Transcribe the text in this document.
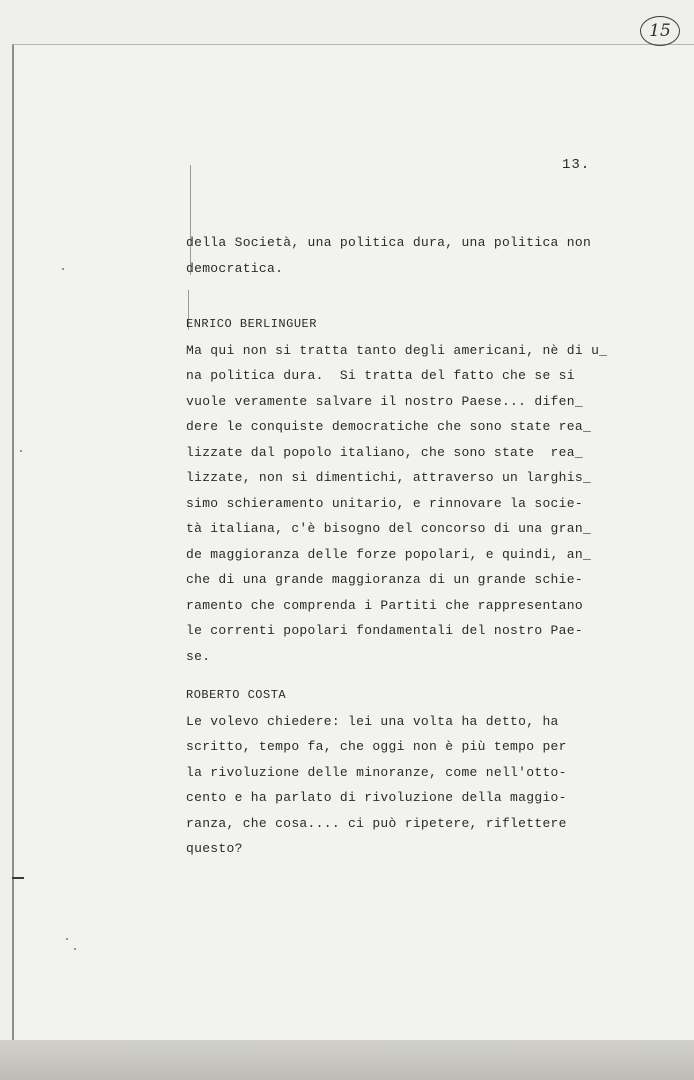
15
13.
della Società, una politica dura, una politica non
democratica.
ENRICO BERLINGUER
Ma qui non si tratta tanto degli americani, nè di u_
na politica dura.  Si tratta del fatto che se si
vuole veramente salvare il nostro Paese... difen_
dere le conquiste democratiche che sono state rea_
lizzate dal popolo italiano, che sono state  rea_
lizzate, non si dimentichi, attraverso un larghis_
simo schieramento unitario, e rinnovare la socie-
tà italiana, c'è bisogno del concorso di una gran_
de maggioranza delle forze popolari, e quindi, an_
che di una grande maggioranza di un grande schie-
ramento che comprenda i Partiti che rappresentano
le correnti popolari fondamentali del nostro Pae-
se.
ROBERTO COSTA
Le volevo chiedere: lei una volta ha detto, ha
scritto, tempo fa, che oggi non è più tempo per
la rivoluzione delle minoranze, come nell'otto-
cento e ha parlato di rivoluzione della maggio-
ranza, che cosa.... ci può ripetere, riflettere
questo?
